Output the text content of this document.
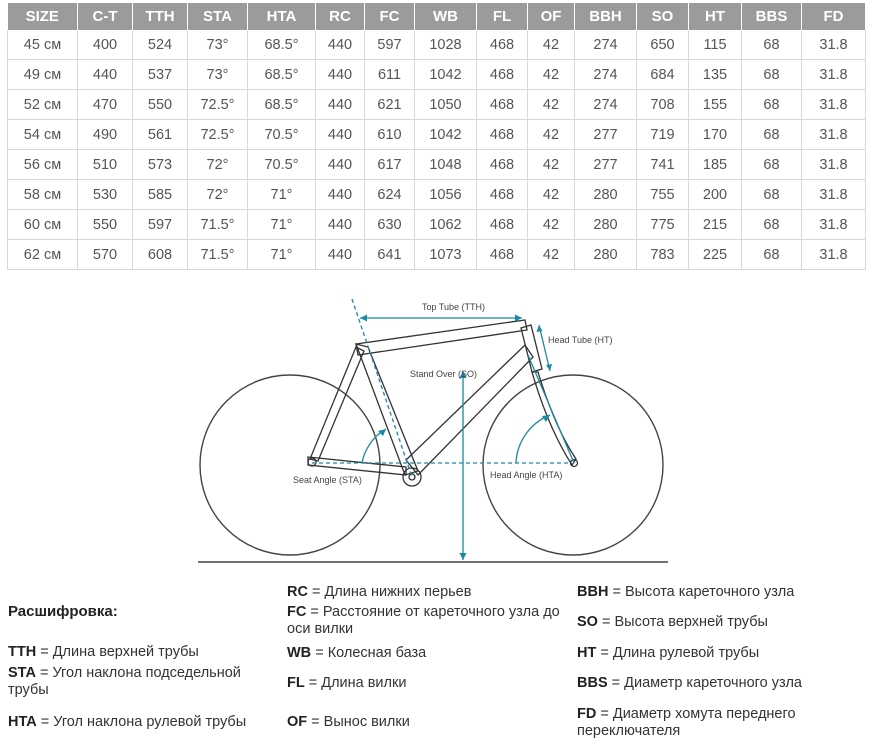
SIZE	C-T	TTH	STA	HTA	RC	FC	WB	FL	OF	BBH	SO	HT	BBS	FD
45 см	400	524	73°	68.5°	440	597	1028	468	42	274	650	115	68	31.8
49 см	440	537	73°	68.5°	440	611	1042	468	42	274	684	135	68	31.8
52 см	470	550	72.5°	68.5°	440	621	1050	468	42	274	708	155	68	31.8
54 см	490	561	72.5°	70.5°	440	610	1042	468	42	277	719	170	68	31.8
56 см	510	573	72°	70.5°	440	617	1048	468	42	277	741	185	68	31.8
58 см	530	585	72°	71°	440	624	1056	468	42	280	755	200	68	31.8
60 см	550	597	71.5°	71°	440	630	1062	468	42	280	775	215	68	31.8
62 см	570	608	71.5°	71°	440	641	1073	468	42	280	783	225	68	31.8
Top Tube (TTH)
Head Tube (HT)
Stand Over (SO)
Seat Angle (STA)	Head Angle (HTA)
Расшифровка:
TTH = Длина верхней трубы
STA = Угол наклона подседельной трубы
HTA = Угол наклона рулевой трубы
RC = Длина нижних перьев
FC = Расстояние от кареточного узла до оси вилки
WB = Колесная база
FL = Длина вилки
OF = Вынос вилки
BBH = Высота кареточного узла
SO = Высота верхней трубы
HT = Длина рулевой трубы
BBS = Диаметр кареточного узла
FD = Диаметр хомута переднего переключателя
